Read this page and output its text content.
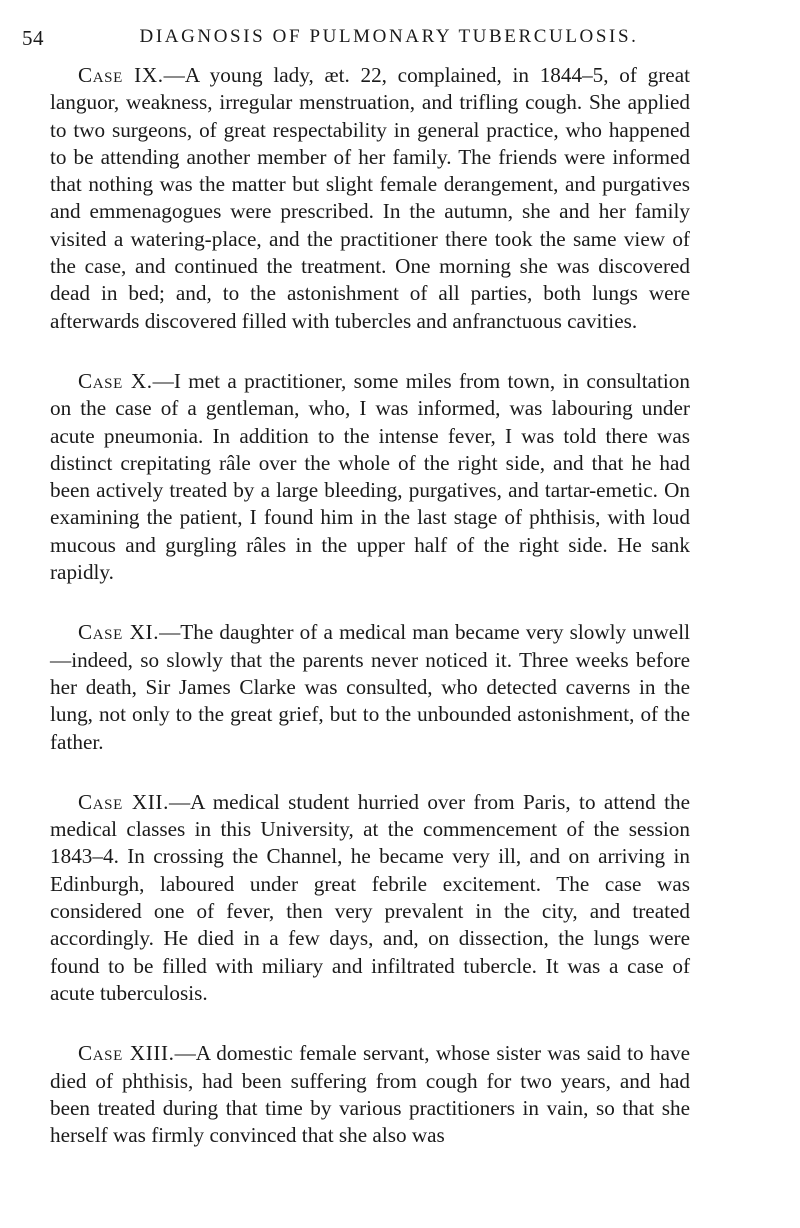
54	DIAGNOSIS OF PULMONARY TUBERCULOSIS.

Case IX.—A young lady, æt. 22, complained, in 1844–5, of great languor, weakness, irregular menstruation, and trifling cough. She applied to two surgeons, of great respectability in general practice, who happened to be attending another member of her family. The friends were informed that nothing was the matter but slight female derangement, and purgatives and emmenagogues were prescribed. In the autumn, she and her family visited a watering-place, and the practitioner there took the same view of the case, and continued the treatment. One morning she was discovered dead in bed; and, to the astonishment of all parties, both lungs were afterwards discovered filled with tubercles and anfranctuous cavities.

Case X.—I met a practitioner, some miles from town, in consultation on the case of a gentleman, who, I was informed, was labouring under acute pneumonia. In addition to the intense fever, I was told there was distinct crepitating râle over the whole of the right side, and that he had been actively treated by a large bleeding, purgatives, and tartar-emetic. On examining the patient, I found him in the last stage of phthisis, with loud mucous and gurgling râles in the upper half of the right side. He sank rapidly.

Case XI.—The daughter of a medical man became very slowly unwell—indeed, so slowly that the parents never noticed it. Three weeks before her death, Sir James Clarke was consulted, who detected caverns in the lung, not only to the great grief, but to the unbounded astonishment, of the father.

Case XII.—A medical student hurried over from Paris, to attend the medical classes in this University, at the commencement of the session 1843–4. In crossing the Channel, he became very ill, and on arriving in Edinburgh, laboured under great febrile excitement. The case was considered one of fever, then very prevalent in the city, and treated accordingly. He died in a few days, and, on dissection, the lungs were found to be filled with miliary and infiltrated tubercle. It was a case of acute tuberculosis.

Case XIII.—A domestic female servant, whose sister was said to have died of phthisis, had been suffering from cough for two years, and had been treated during that time by various practitioners in vain, so that she herself was firmly convinced that she also was
